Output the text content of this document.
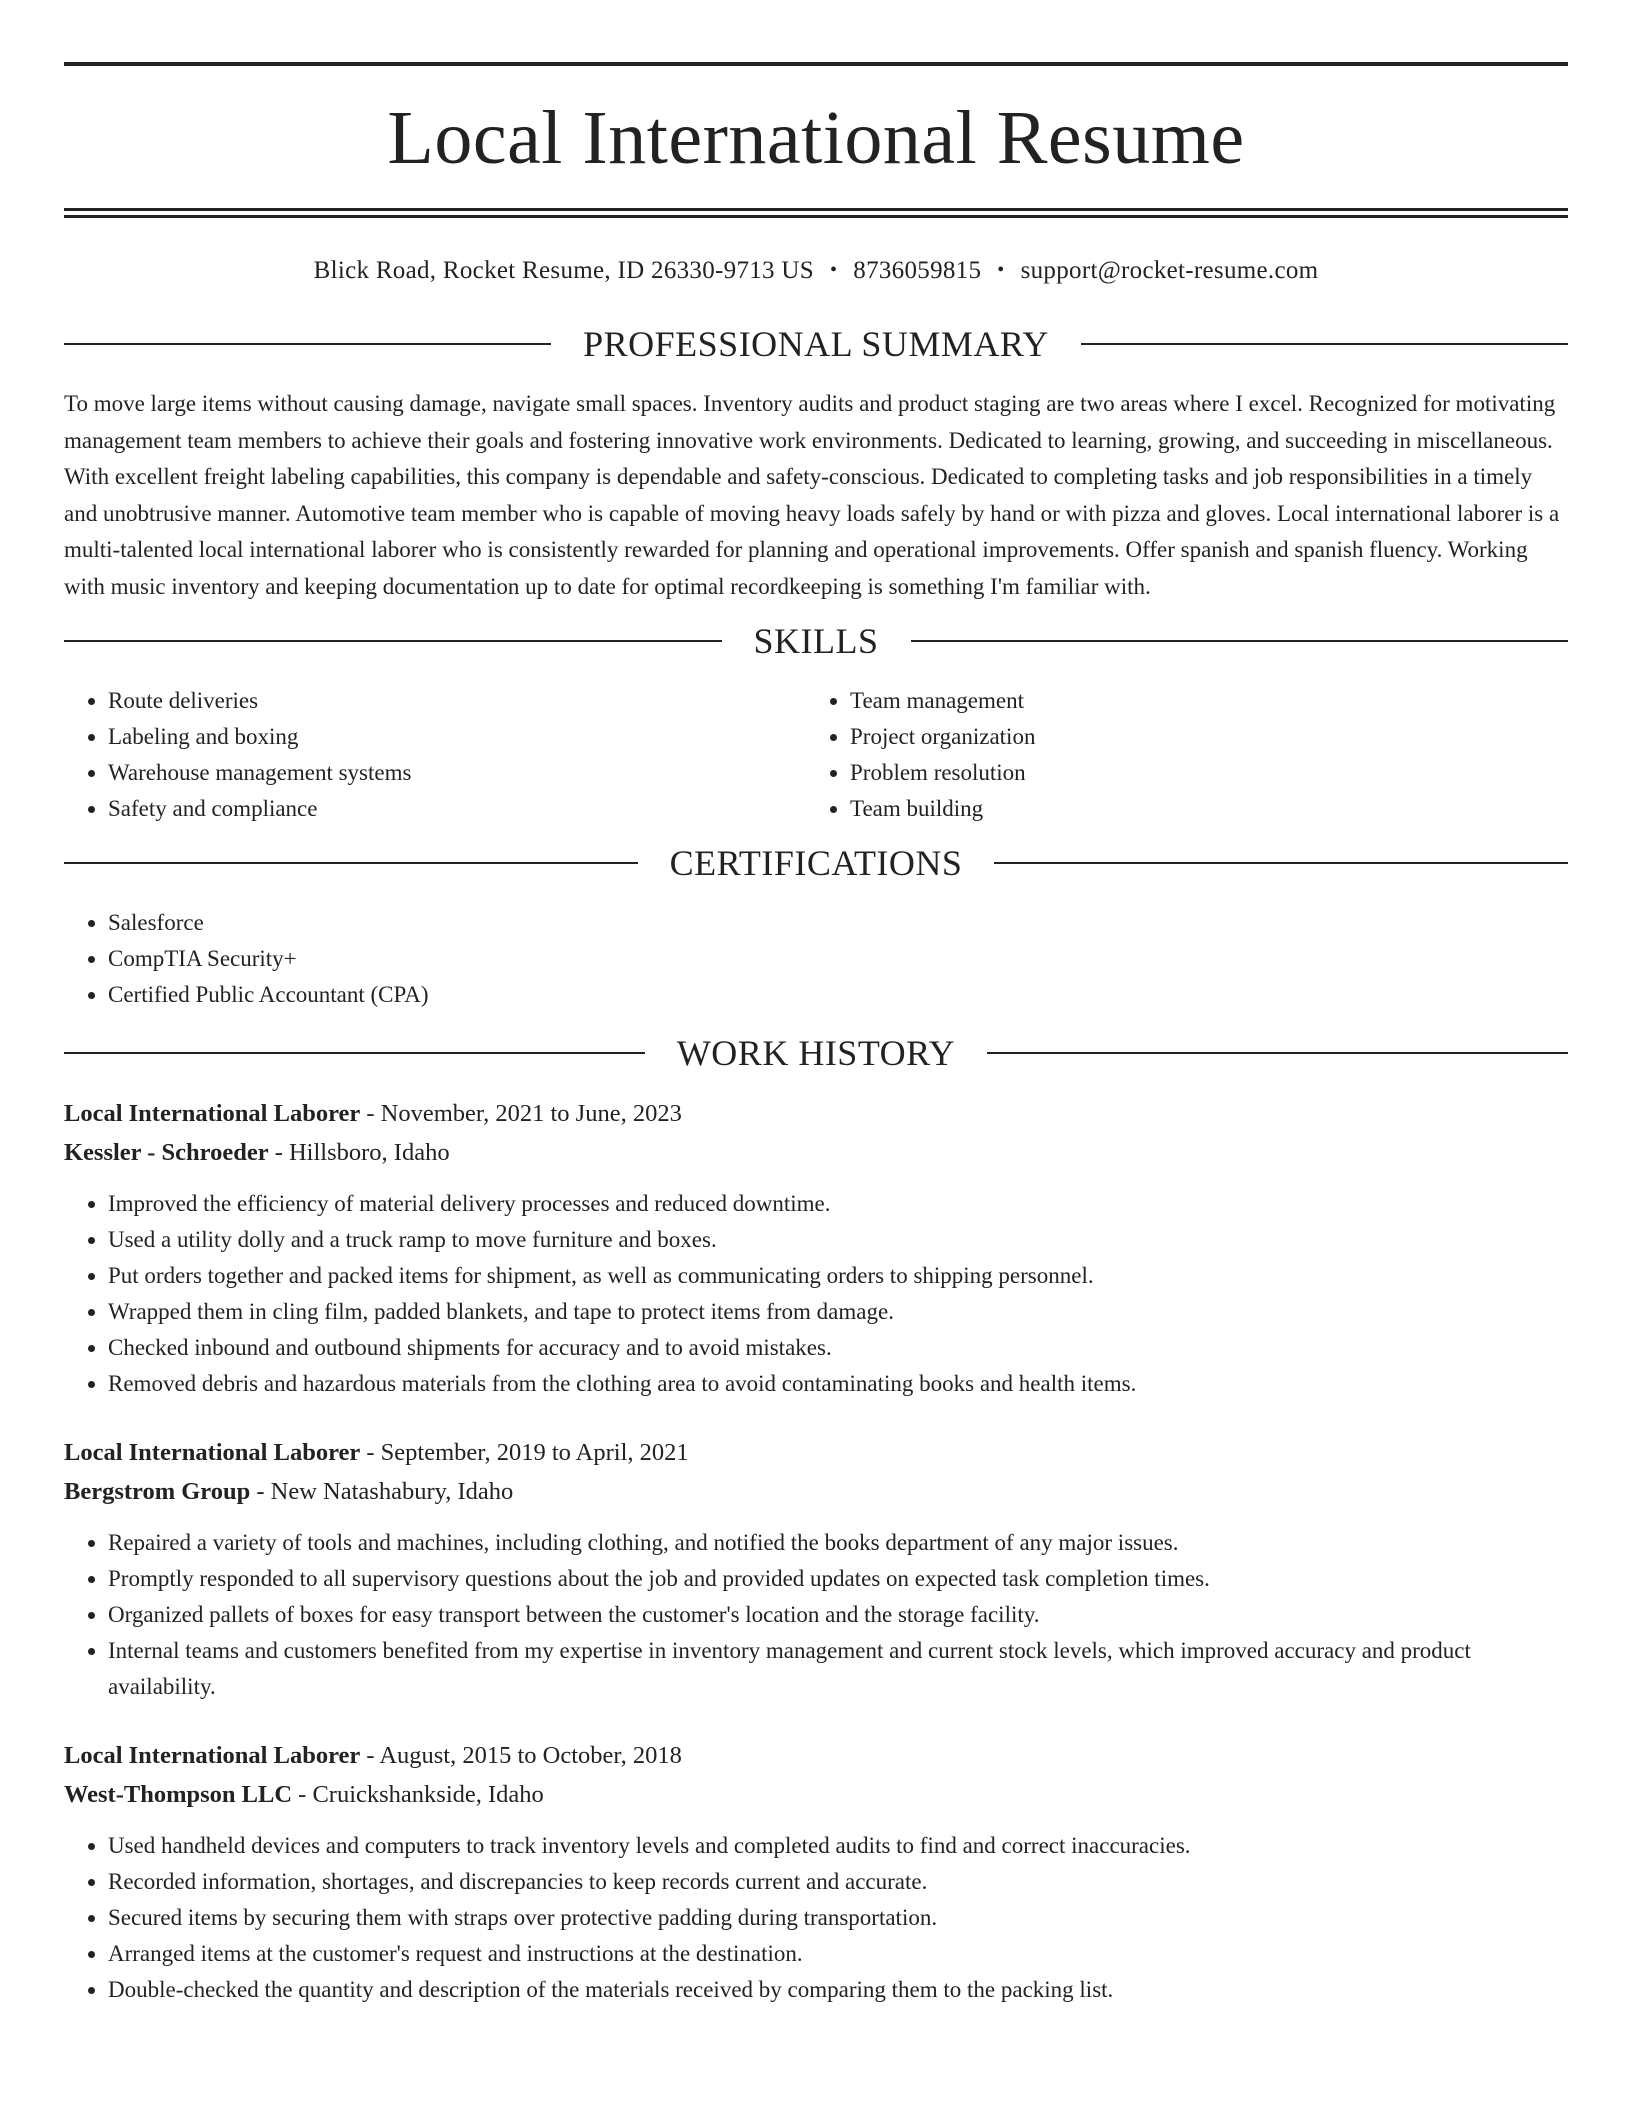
Local International Resume
Blick Road, Rocket Resume, ID 26330-9713 US • 8736059815 • support@rocket-resume.com
PROFESSIONAL SUMMARY

To move large items without causing damage, navigate small spaces. Inventory audits and product staging are two areas where I excel. Recognized for motivating management team members to achieve their goals and fostering innovative work environments. Dedicated to learning, growing, and succeeding in miscellaneous. With excellent freight labeling capabilities, this company is dependable and safety-conscious. Dedicated to completing tasks and job responsibilities in a timely and unobtrusive manner. Automotive team member who is capable of moving heavy loads safely by hand or with pizza and gloves. Local international laborer is a multi-talented local international laborer who is consistently rewarded for planning and operational improvements. Offer spanish and spanish fluency. Working with music inventory and keeping documentation up to date for optimal recordkeeping is something I'm familiar with.

SKILLS
• Route deliveries
• Labeling and boxing
• Warehouse management systems
• Safety and compliance
• Team management
• Project organization
• Problem resolution
• Team building
CERTIFICATIONS
• Salesforce
• CompTIA Security+
• Certified Public Accountant (CPA)
WORK HISTORY
Local International Laborer - November, 2021 to June, 2023
Kessler - Schroeder - Hillsboro, Idaho
• Improved the efficiency of material delivery processes and reduced downtime.
• Used a utility dolly and a truck ramp to move furniture and boxes.
• Put orders together and packed items for shipment, as well as communicating orders to shipping personnel.
• Wrapped them in cling film, padded blankets, and tape to protect items from damage.
• Checked inbound and outbound shipments for accuracy and to avoid mistakes.
• Removed debris and hazardous materials from the clothing area to avoid contaminating books and health items.
Local International Laborer - September, 2019 to April, 2021
Bergstrom Group - New Natashabury, Idaho
• Repaired a variety of tools and machines, including clothing, and notified the books department of any major issues.
• Promptly responded to all supervisory questions about the job and provided updates on expected task completion times.
• Organized pallets of boxes for easy transport between the customer's location and the storage facility.
• Internal teams and customers benefited from my expertise in inventory management and current stock levels, which improved accuracy and product availability.
Local International Laborer - August, 2015 to October, 2018
West-Thompson LLC - Cruickshankside, Idaho
• Used handheld devices and computers to track inventory levels and completed audits to find and correct inaccuracies.
• Recorded information, shortages, and discrepancies to keep records current and accurate.
• Secured items by securing them with straps over protective padding during transportation.
• Arranged items at the customer's request and instructions at the destination.
• Double-checked the quantity and description of the materials received by comparing them to the packing list.
